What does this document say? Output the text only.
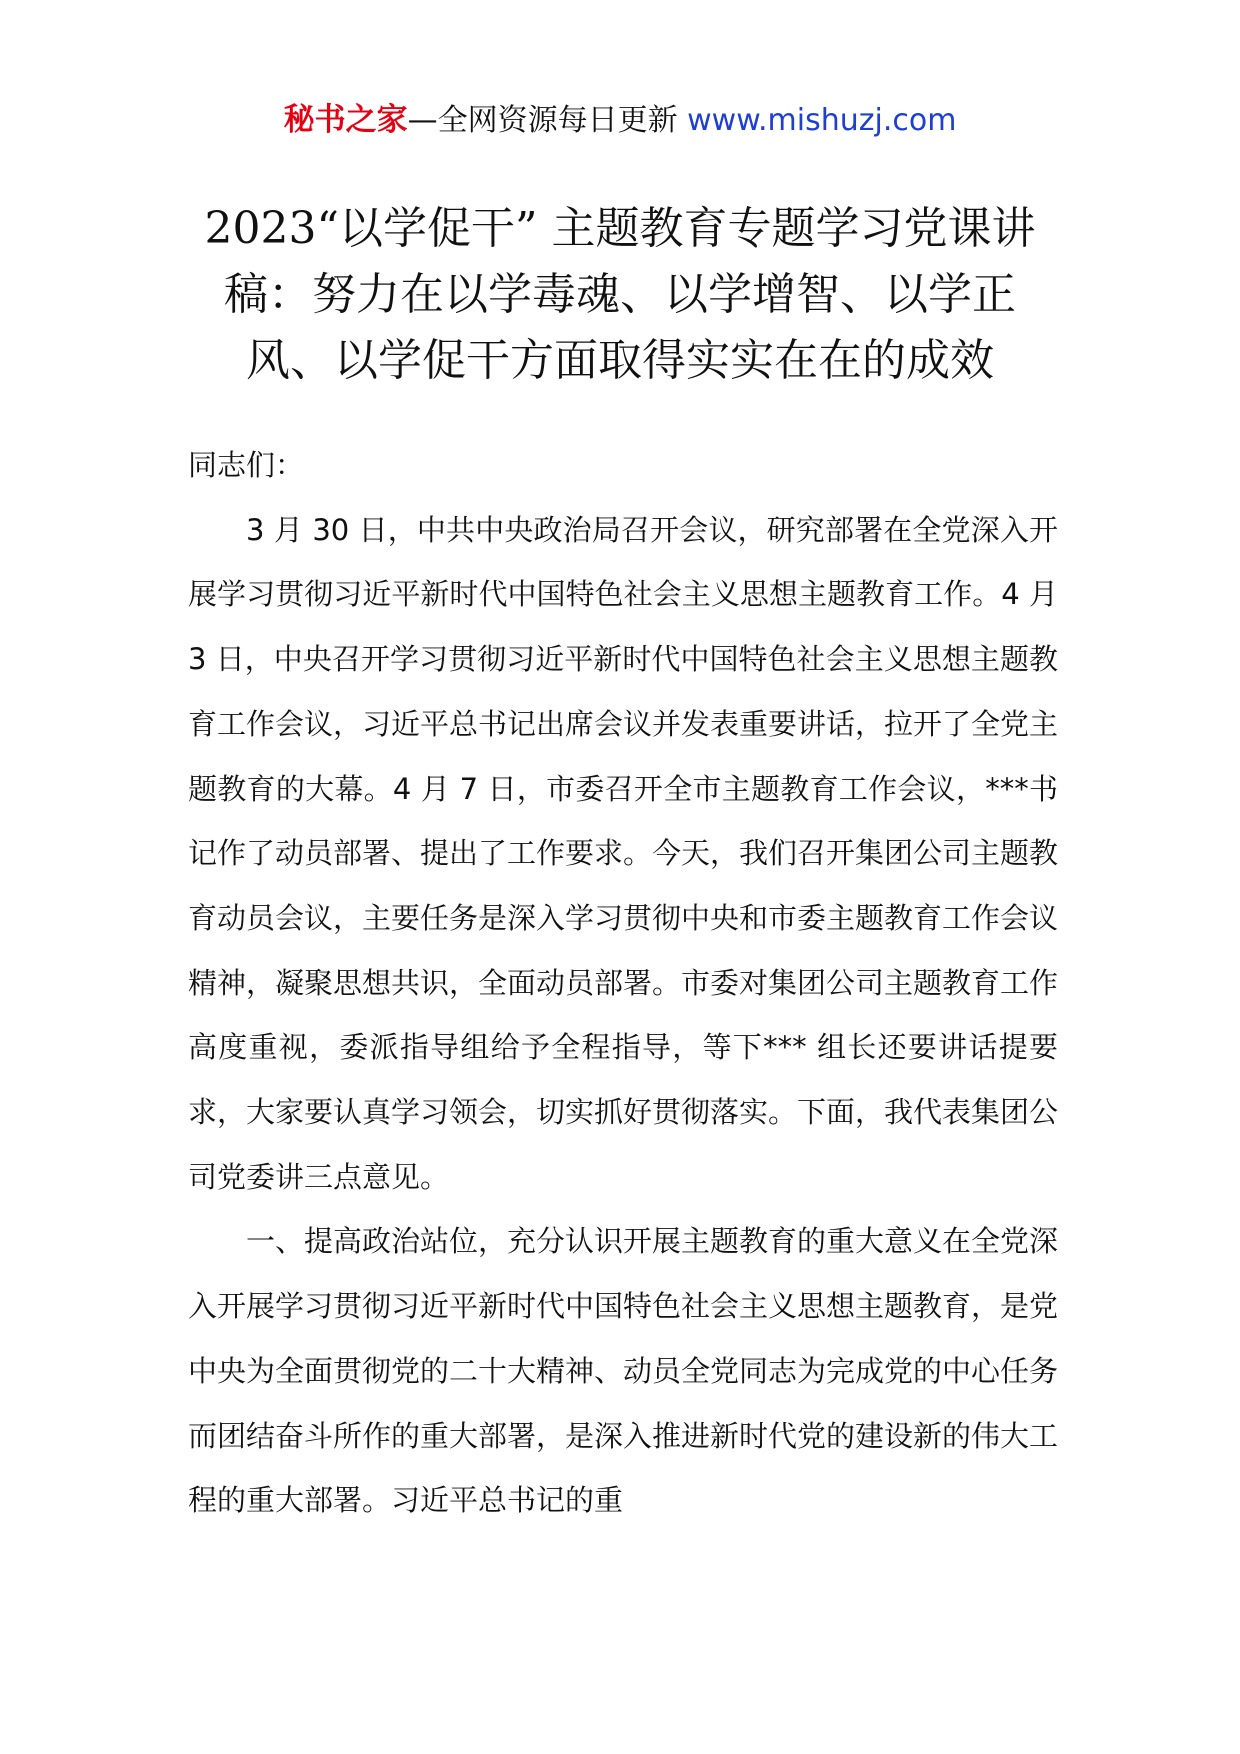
秘书之家—全网资源每日更新 www.mishuzj.com
2023“以学促干” 主题教育专题学习党课讲
稿：努力在以学毒魂、以学增智、以学正
风、以学促干方面取得实实在在的成效

同志们：

3 月 30 日，中共中央政治局召开会议，研究部署在全党深入开展学习贯彻习近平新时代中国特色社会主义思想主题教育工作。4 月 3 日，中央召开学习贯彻习近平新时代中国特色社会主义思想主题教育工作会议，习近平总书记出席会议并发表重要讲话，拉开了全党主题教育的大幕。4 月 7 日，市委召开全市主题教育工作会议，***书记作了动员部署、提出了工作要求。今天，我们召开集团公司主题教育动员会议，主要任务是深入学习贯彻中央和市委主题教育工作会议精神，凝聚思想共识，全面动员部署。市委对集团公司主题教育工作高度重视，委派指导组给予全程指导，等下*** 组长还要讲话提要求，大家要认真学习领会，切实抓好贯彻落实。下面，我代表集团公司党委讲三点意见。

一、提高政治站位，充分认识开展主题教育的重大意义在全党深入开展学习贯彻习近平新时代中国特色社会主义思想主题教育，是党中央为全面贯彻党的二十大精神、动员全党同志为完成党的中心任务而团结奋斗所作的重大部署，是深入推进新时代党的建设新的伟大工程的重大部署。习近平总书记的重
